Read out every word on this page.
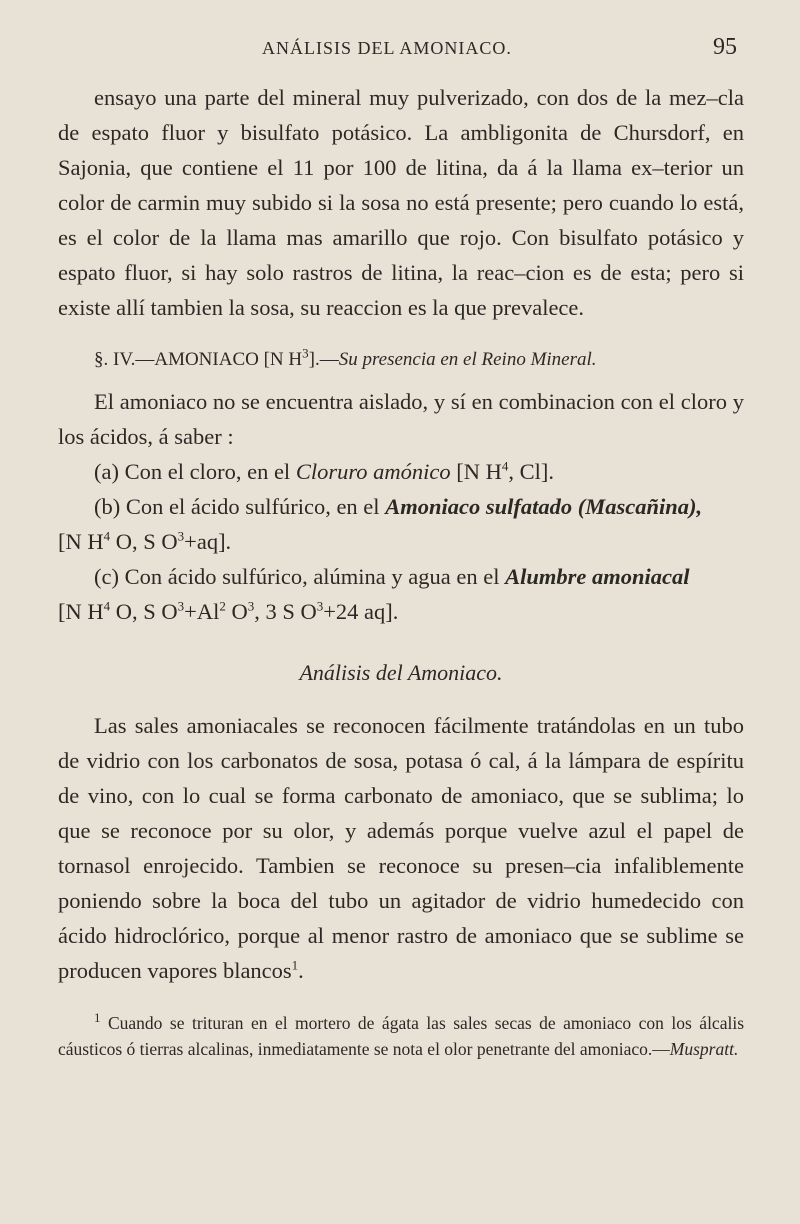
ANÁLISIS DEL AMONIACO.	95

ensayo una parte del mineral muy pulverizado, con dos de la mez–cla de espato fluor y bisulfato potásico. La ambligonita de Chursdorf, en Sajonia, que contiene el 11 por 100 de litina, da á la llama ex–terior un color de carmin muy subido si la sosa no está presente; pero cuando lo está, es el color de la llama mas amarillo que rojo. Con bisulfato potásico y espato fluor, si hay solo rastros de litina, la reac–cion es de esta; pero si existe allí tambien la sosa, su reaccion es la que prevalece.

§. IV.—AMONIACO [N $H^3].—Su$ presencia en el Reino Mineral.

El amoniaco no se encuentra aislado, y sí en combinacion con el cloro y los ácidos, á saber :

(a) Con el cloro, en el Cloruro amónico [N $H^4$, Cl].

(b) Con el ácido sulfúrico, en el Amoniaco sulfatado (Mascañina),

[N $H^4$ O, S $O^3+aq$].

(c) Con ácido sulfúrico, alúmina y agua en el Alumbre amoniacal

[N $H^4$ O, S $O^3+Al^2$ $O^3$, 3 S $O^3+24$ aq].

Análisis del Amoniaco.

Las sales amoniacales se reconocen fácilmente tratándolas en un tubo de vidrio con los carbonatos de sosa, potasa ó cal, á la lámpara de espíritu de vino, con lo cual se forma carbonato de amoniaco, que se sublima; lo que se reconoce por su olor, y además porque vuelve azul el papel de tornasol enrojecido. Tambien se reconoce su presen–cia infaliblemente poniendo sobre la boca del tubo un agitador de vidrio humedecido con ácido hidroclórico, porque al menor rastro de amoniaco que se sublime se producen vapores blancos$^1$.

$^1$ Cuando se trituran en el mortero de ágata las sales secas de amoniaco con los álcalis cáusticos ó tierras alcalinas, inmediatamente se nota el olor penetrante del amoniaco.—Muspratt.
